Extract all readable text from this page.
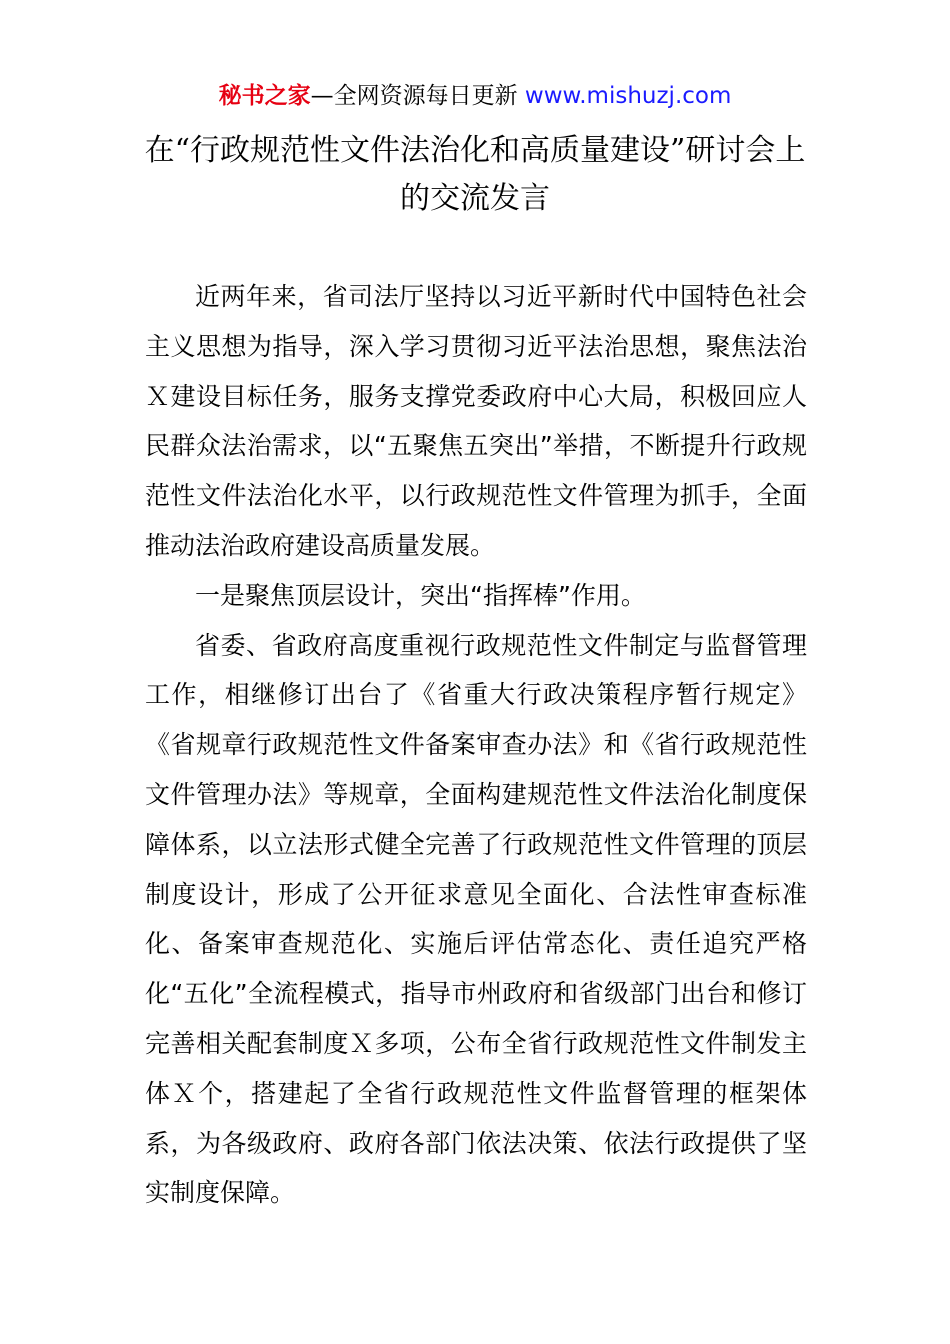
秘书之家—全网资源每日更新 www.mishuzj.com
在“行政规范性文件法治化和高质量建设”研讨会上的交流发言

近两年来，省司法厅坚持以习近平新时代中国特色社会主义思想为指导，深入学习贯彻习近平法治思想，聚焦法治Ｘ建设目标任务，服务支撑党委政府中心大局，积极回应人民群众法治需求，以“五聚焦五突出”举措，不断提升行政规范性文件法治化水平，以行政规范性文件管理为抓手，全面推动法治政府建设高质量发展。

一是聚焦顶层设计，突出“指挥棒”作用。

省委、省政府高度重视行政规范性文件制定与监督管理工作，相继修订出台了《省重大行政决策程序暂行规定》《省规章行政规范性文件备案审查办法》和《省行政规范性文件管理办法》等规章，全面构建规范性文件法治化制度保障体系，以立法形式健全完善了行政规范性文件管理的顶层制度设计，形成了公开征求意见全面化、合法性审查标准化、备案审查规范化、实施后评估常态化、责任追究严格化“五化”全流程模式，指导市州政府和省级部门出台和修订完善相关配套制度Ｘ多项，公布全省行政规范性文件制发主体Ｘ个，搭建起了全省行政规范性文件监督管理的框架体系，为各级政府、政府各部门依法决策、依法行政提供了坚实制度保障。
